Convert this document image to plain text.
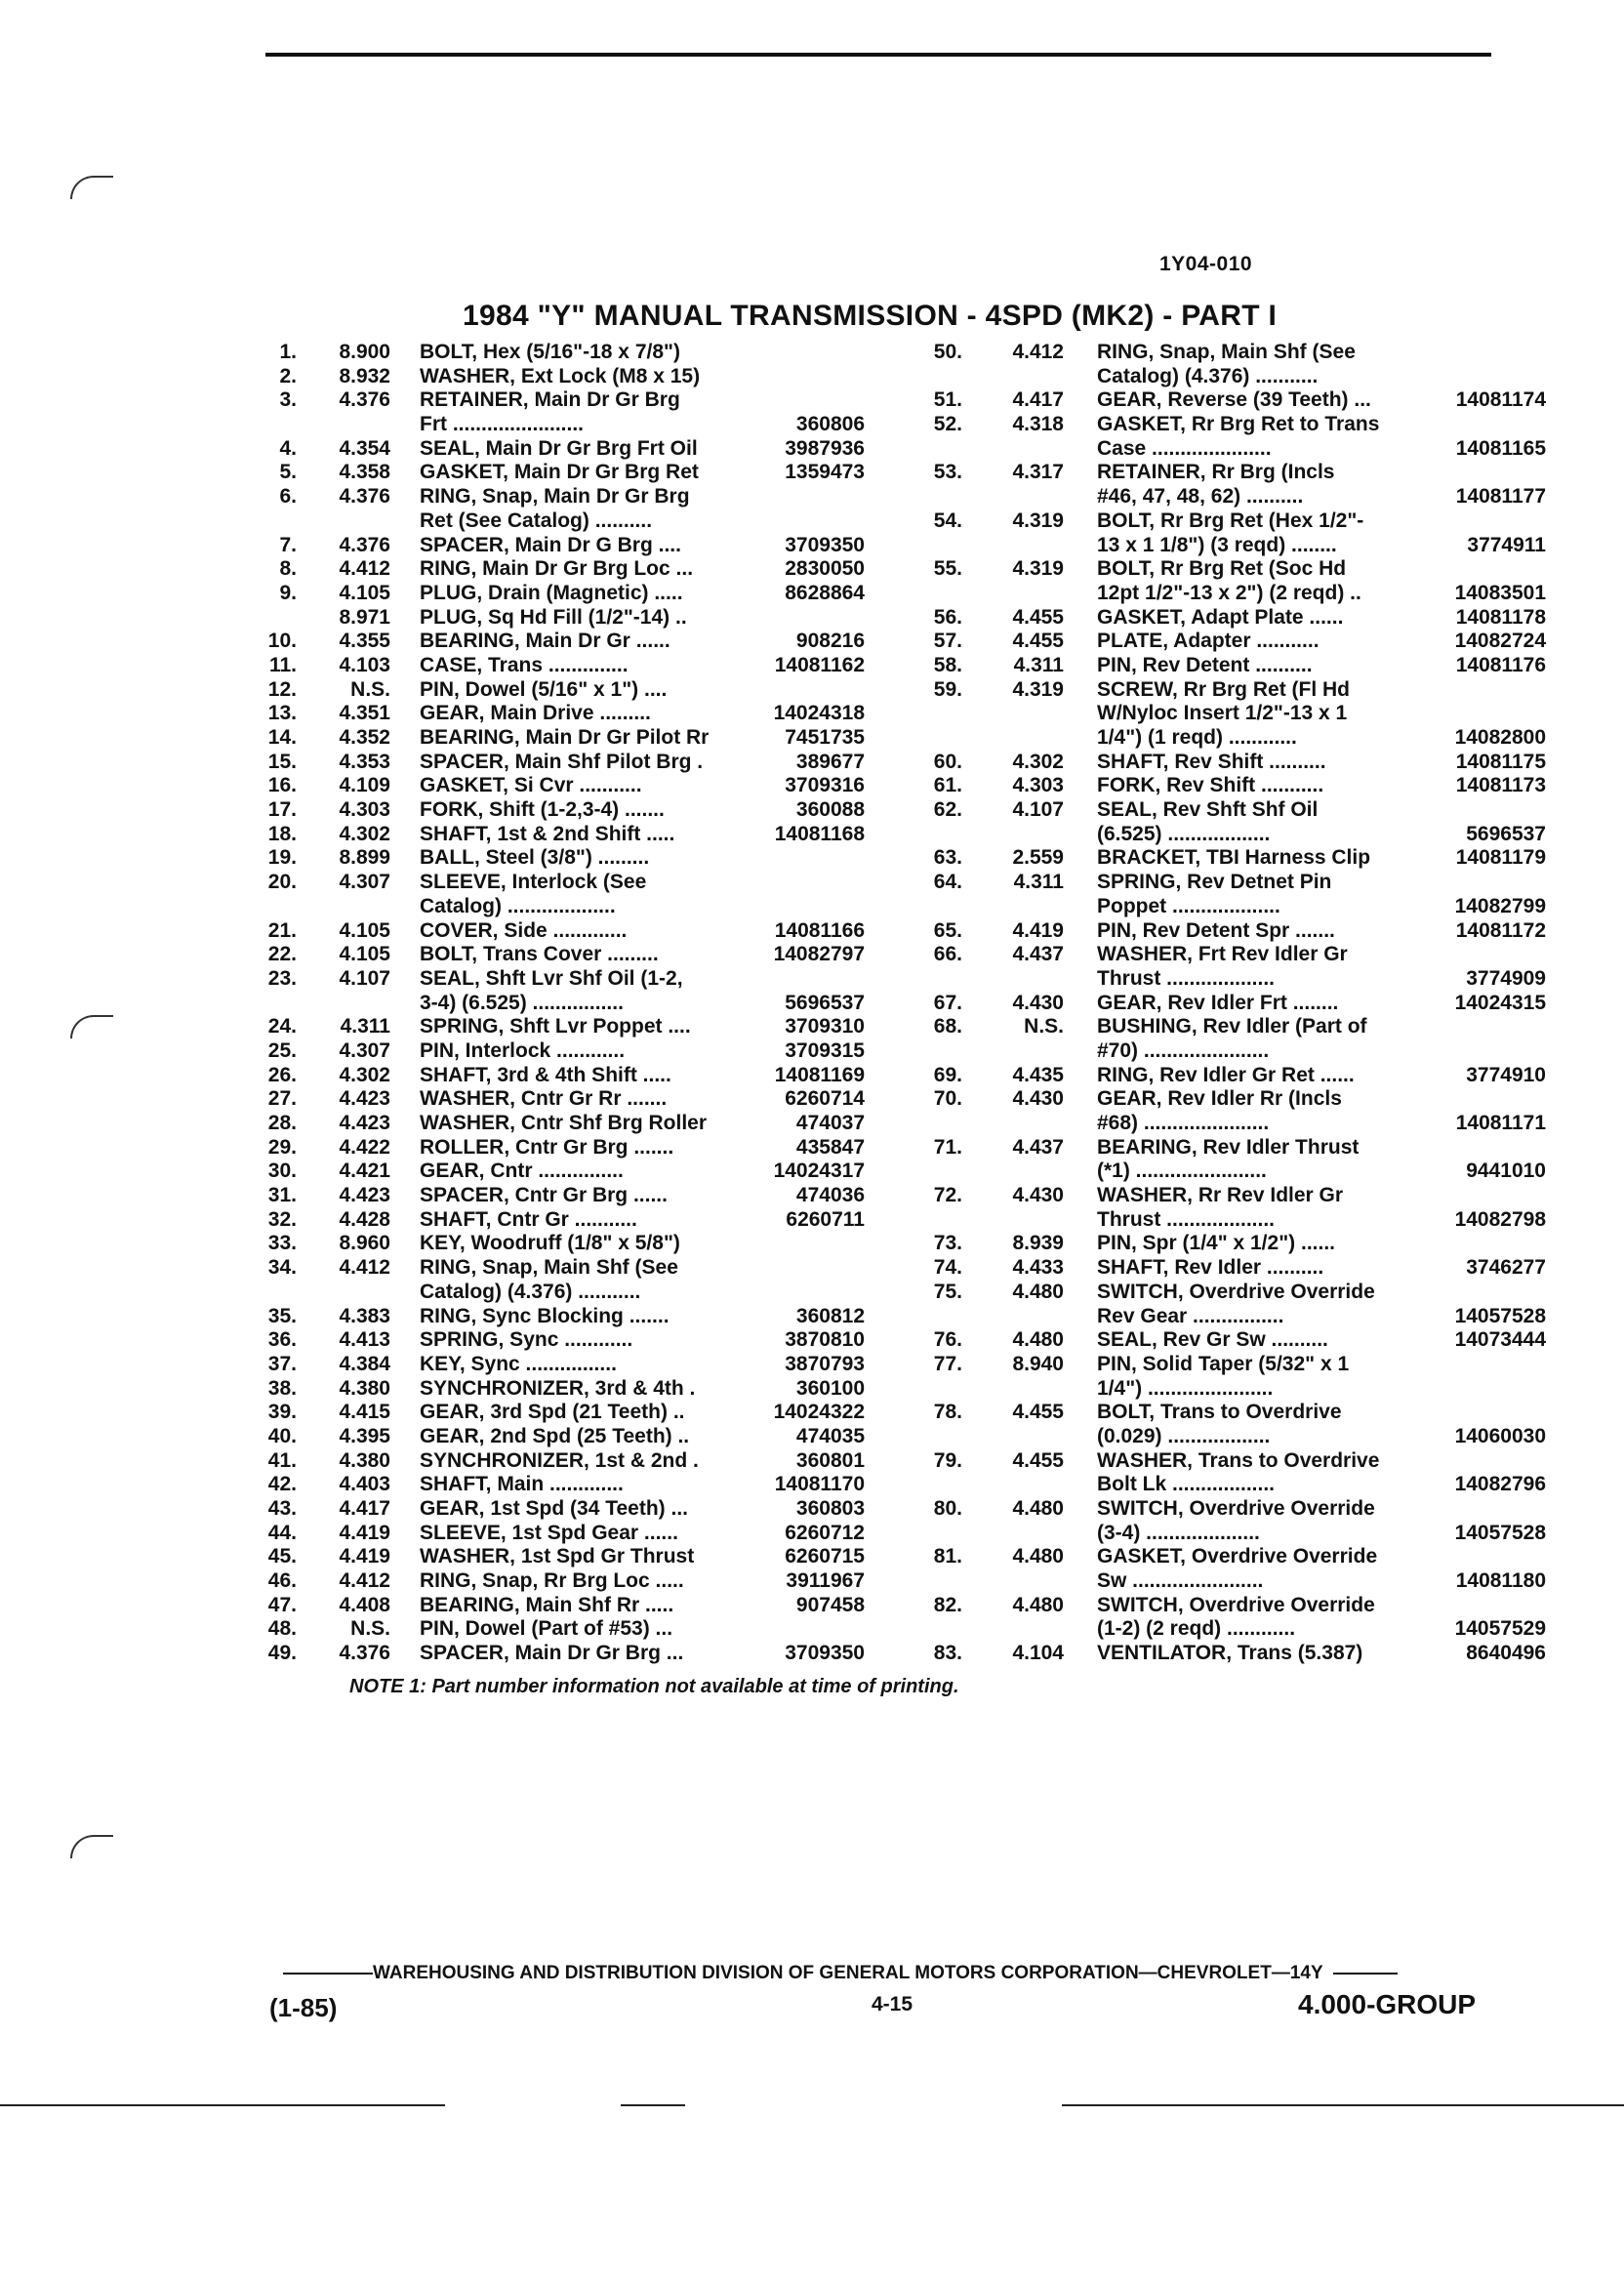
1Y04-010
1984 "Y" MANUAL TRANSMISSION - 4SPD (MK2) - PART I
1.	8.900 BOLT, Hex (5/16"-18 x 7/8")
2.	8.932 WASHER, Ext Lock (M8 x 15)
3.	4.376 RETAINER, Main Dr Gr Brg
Frt .......................	360806
4.	4.354 SEAL, Main Dr Gr Brg Frt Oil	3987936
5.	4.358 GASKET, Main Dr Gr Brg Ret	1359473
6.	4.376 RING, Snap, Main Dr Gr Brg
Ret (See Catalog) ..........
7.	4.376 SPACER, Main Dr G Brg ....	3709350
8.	4.412 RING, Main Dr Gr Brg Loc ...	2830050
9.	4.105 PLUG, Drain (Magnetic) .....	8628864
8.971 PLUG, Sq Hd Fill (1/2"-14) ..
10.	4.355 BEARING, Main Dr Gr ......	908216
11.	4.103 CASE, Trans ..............	14081162
12.	N.S. PIN, Dowel (5/16" x 1") ....
13.	4.351 GEAR, Main Drive .........	14024318
14.	4.352 BEARING, Main Dr Gr Pilot Rr	7451735
15.	4.353 SPACER, Main Shf Pilot Brg .	389677
16.	4.109 GASKET, Si Cvr ...........	3709316
17.	4.303 FORK, Shift (1-2,3-4) .......	360088
18.	4.302 SHAFT, 1st & 2nd Shift .....	14081168
19.	8.899 BALL, Steel (3/8") .........
20.	4.307 SLEEVE, Interlock (See
Catalog) ...................
21.	4.105 COVER, Side .............	14081166
22.	4.105 BOLT, Trans Cover .........	14082797
23.	4.107 SEAL, Shft Lvr Shf Oil (1-2,
3-4) (6.525) ................	5696537
24.	4.311 SPRING, Shft Lvr Poppet ....	3709310
25.	4.307 PIN, Interlock ............	3709315
26.	4.302 SHAFT, 3rd & 4th Shift .....	14081169
27.	4.423 WASHER, Cntr Gr Rr .......	6260714
28.	4.423 WASHER, Cntr Shf Brg Roller	474037
29.	4.422 ROLLER, Cntr Gr Brg .......	435847
30.	4.421 GEAR, Cntr ...............	14024317
31.	4.423 SPACER, Cntr Gr Brg ......	474036
32.	4.428 SHAFT, Cntr Gr ...........	6260711
33.	8.960 KEY, Woodruff (1/8" x 5/8")
34.	4.412 RING, Snap, Main Shf (See
Catalog) (4.376) ...........
35.	4.383 RING, Sync Blocking .......	360812
36.	4.413 SPRING, Sync ............	3870810
37.	4.384 KEY, Sync ................	3870793
38.	4.380 SYNCHRONIZER, 3rd & 4th .	360100
39.	4.415 GEAR, 3rd Spd (21 Teeth) ..	14024322
40.	4.395 GEAR, 2nd Spd (25 Teeth) ..	474035
41.	4.380 SYNCHRONIZER, 1st & 2nd .	360801
42.	4.403 SHAFT, Main .............	14081170
43.	4.417 GEAR, 1st Spd (34 Teeth) ...	360803
44.	4.419 SLEEVE, 1st Spd Gear ......	6260712
45.	4.419 WASHER, 1st Spd Gr Thrust	6260715
46.	4.412 RING, Snap, Rr Brg Loc .....	3911967
47.	4.408 BEARING, Main Shf Rr .....	907458
48.	N.S. PIN, Dowel (Part of #53) ...
49.	4.376 SPACER, Main Dr Gr Brg ...	3709350
50.	4.412 RING, Snap, Main Shf (See
Catalog) (4.376) ...........
51.	4.417 GEAR, Reverse (39 Teeth) ...	14081174
52.	4.318 GASKET, Rr Brg Ret to Trans
Case .....................	14081165
53.	4.317 RETAINER, Rr Brg (Incls
#46, 47, 48, 62) ..........	14081177
54.	4.319 BOLT, Rr Brg Ret (Hex 1/2"-
13 x 1 1/8") (3 reqd) ........	3774911
55.	4.319 BOLT, Rr Brg Ret (Soc Hd
12pt 1/2"-13 x 2") (2 reqd) ..	14083501
56.	4.455 GASKET, Adapt Plate ......	14081178
57.	4.455 PLATE, Adapter ...........	14082724
58.	4.311 PIN, Rev Detent ..........	14081176
59.	4.319 SCREW, Rr Brg Ret (Fl Hd
W/Nyloc Insert 1/2"-13 x 1
1/4") (1 reqd) ............	14082800
60.	4.302 SHAFT, Rev Shift ..........	14081175
61.	4.303 FORK, Rev Shift ...........	14081173
62.	4.107 SEAL, Rev Shft Shf Oil
(6.525) ..................	5696537
63.	2.559 BRACKET, TBI Harness Clip	14081179
64.	4.311 SPRING, Rev Detnet Pin
Poppet ...................	14082799
65.	4.419 PIN, Rev Detent Spr .......	14081172
66.	4.437 WASHER, Frt Rev Idler Gr
Thrust ...................	3774909
67.	4.430 GEAR, Rev Idler Frt ........	14024315
68.	N.S. BUSHING, Rev Idler (Part of
#70) ......................
69.	4.435 RING, Rev Idler Gr Ret ......	3774910
70.	4.430 GEAR, Rev Idler Rr (Incls
#68) ......................	14081171
71.	4.437 BEARING, Rev Idler Thrust
(*1) .......................	9441010
72.	4.430 WASHER, Rr Rev Idler Gr
Thrust ...................	14082798
73.	8.939 PIN, Spr (1/4" x 1/2") ......
74.	4.433 SHAFT, Rev Idler ..........	3746277
75.	4.480 SWITCH, Overdrive Override
Rev Gear ................	14057528
76.	4.480 SEAL, Rev Gr Sw ..........	14073444
77.	8.940 PIN, Solid Taper (5/32" x 1
1/4") ......................
78.	4.455 BOLT, Trans to Overdrive
(0.029) ..................	14060030
79.	4.455 WASHER, Trans to Overdrive
Bolt Lk ..................	14082796
80.	4.480 SWITCH, Overdrive Override
(3-4) ....................	14057528
81.	4.480 GASKET, Overdrive Override
Sw .......................	14081180
82.	4.480 SWITCH, Overdrive Override
(1-2) (2 reqd) ............	14057529
83.	4.104 VENTILATOR, Trans (5.387)	8640496
NOTE 1: Part number information not available at time of printing.
WAREHOUSING AND DISTRIBUTION DIVISION OF GENERAL MOTORS CORPORATION—CHEVROLET—14Y
(1-85)	4-15	4.000-GROUP
